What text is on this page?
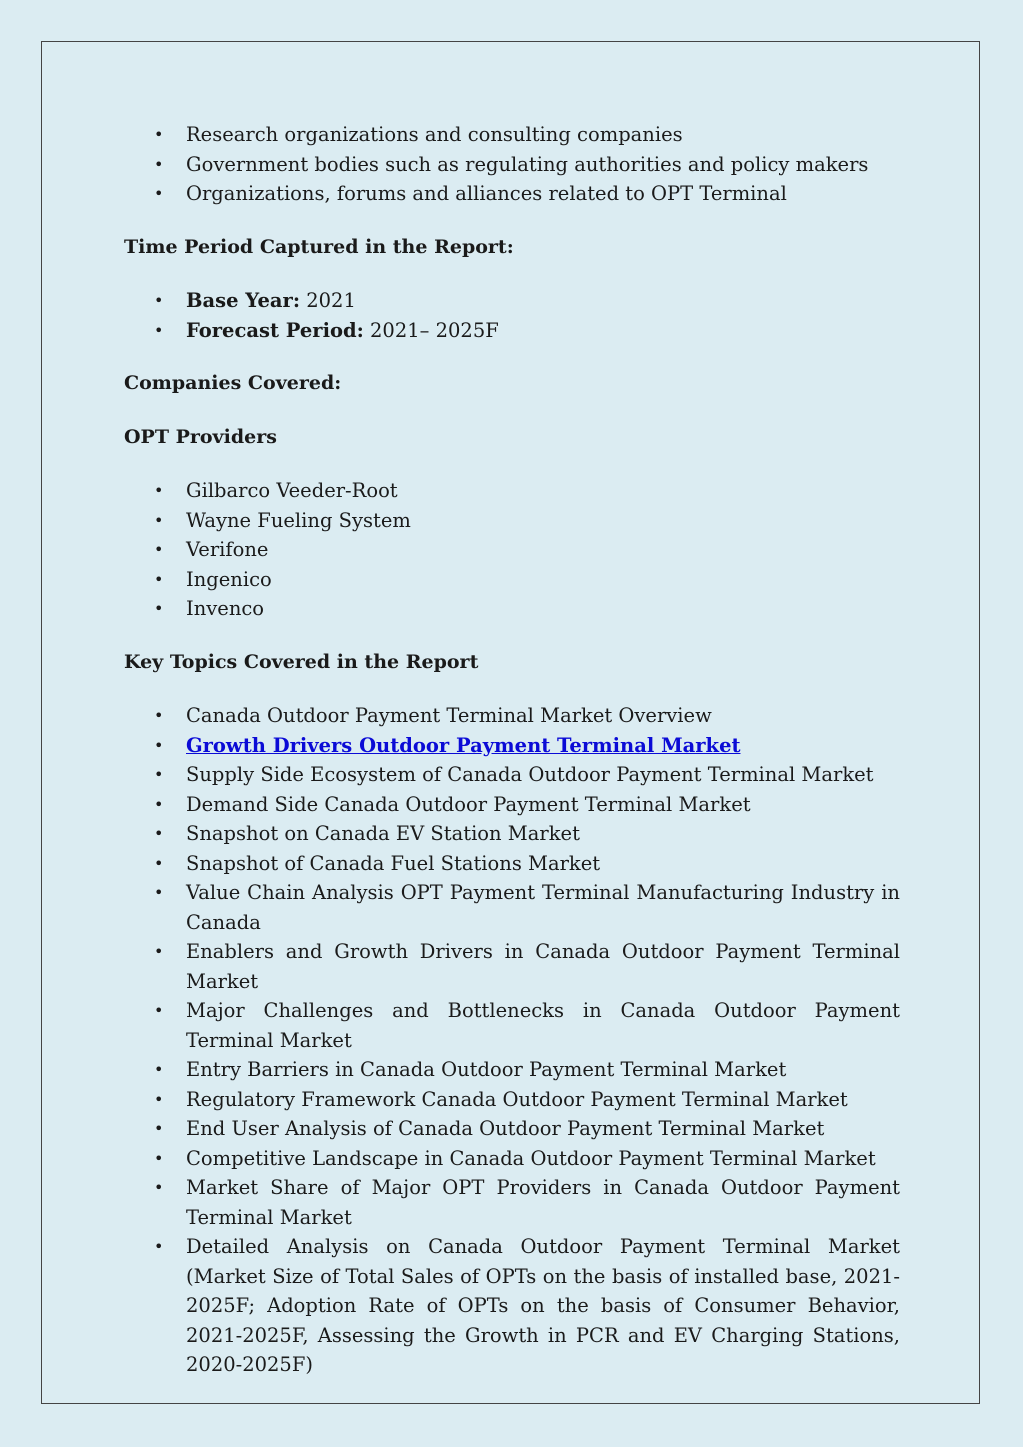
• Research organizations and consulting companies
• Government bodies such as regulating authorities and policy makers
• Organizations, forums and alliances related to OPT Terminal

Time Period Captured in the Report:

• Base Year: 2021
• Forecast Period: 2021– 2025F

Companies Covered:

OPT Providers

• Gilbarco Veeder-Root
• Wayne Fueling System
• Verifone
• Ingenico
• Invenco

Key Topics Covered in the Report

• Canada Outdoor Payment Terminal Market Overview
• Growth Drivers Outdoor Payment Terminal Market
• Supply Side Ecosystem of Canada Outdoor Payment Terminal Market
• Demand Side Canada Outdoor Payment Terminal Market
• Snapshot on Canada EV Station Market
• Snapshot of Canada Fuel Stations Market
• Value Chain Analysis OPT Payment Terminal Manufacturing Industry in Canada
• Enablers and Growth Drivers in Canada Outdoor Payment Terminal Market
• Major Challenges and Bottlenecks in Canada Outdoor Payment Terminal Market
• Entry Barriers in Canada Outdoor Payment Terminal Market
• Regulatory Framework Canada Outdoor Payment Terminal Market
• End User Analysis of Canada Outdoor Payment Terminal Market
• Competitive Landscape in Canada Outdoor Payment Terminal Market
• Market Share of Major OPT Providers in Canada Outdoor Payment Terminal Market
• Detailed Analysis on Canada Outdoor Payment Terminal Market (Market Size of Total Sales of OPTs on the basis of installed base, 2021-2025F; Adoption Rate of OPTs on the basis of Consumer Behavior, 2021-2025F, Assessing the Growth in PCR and EV Charging Stations, 2020-2025F)
